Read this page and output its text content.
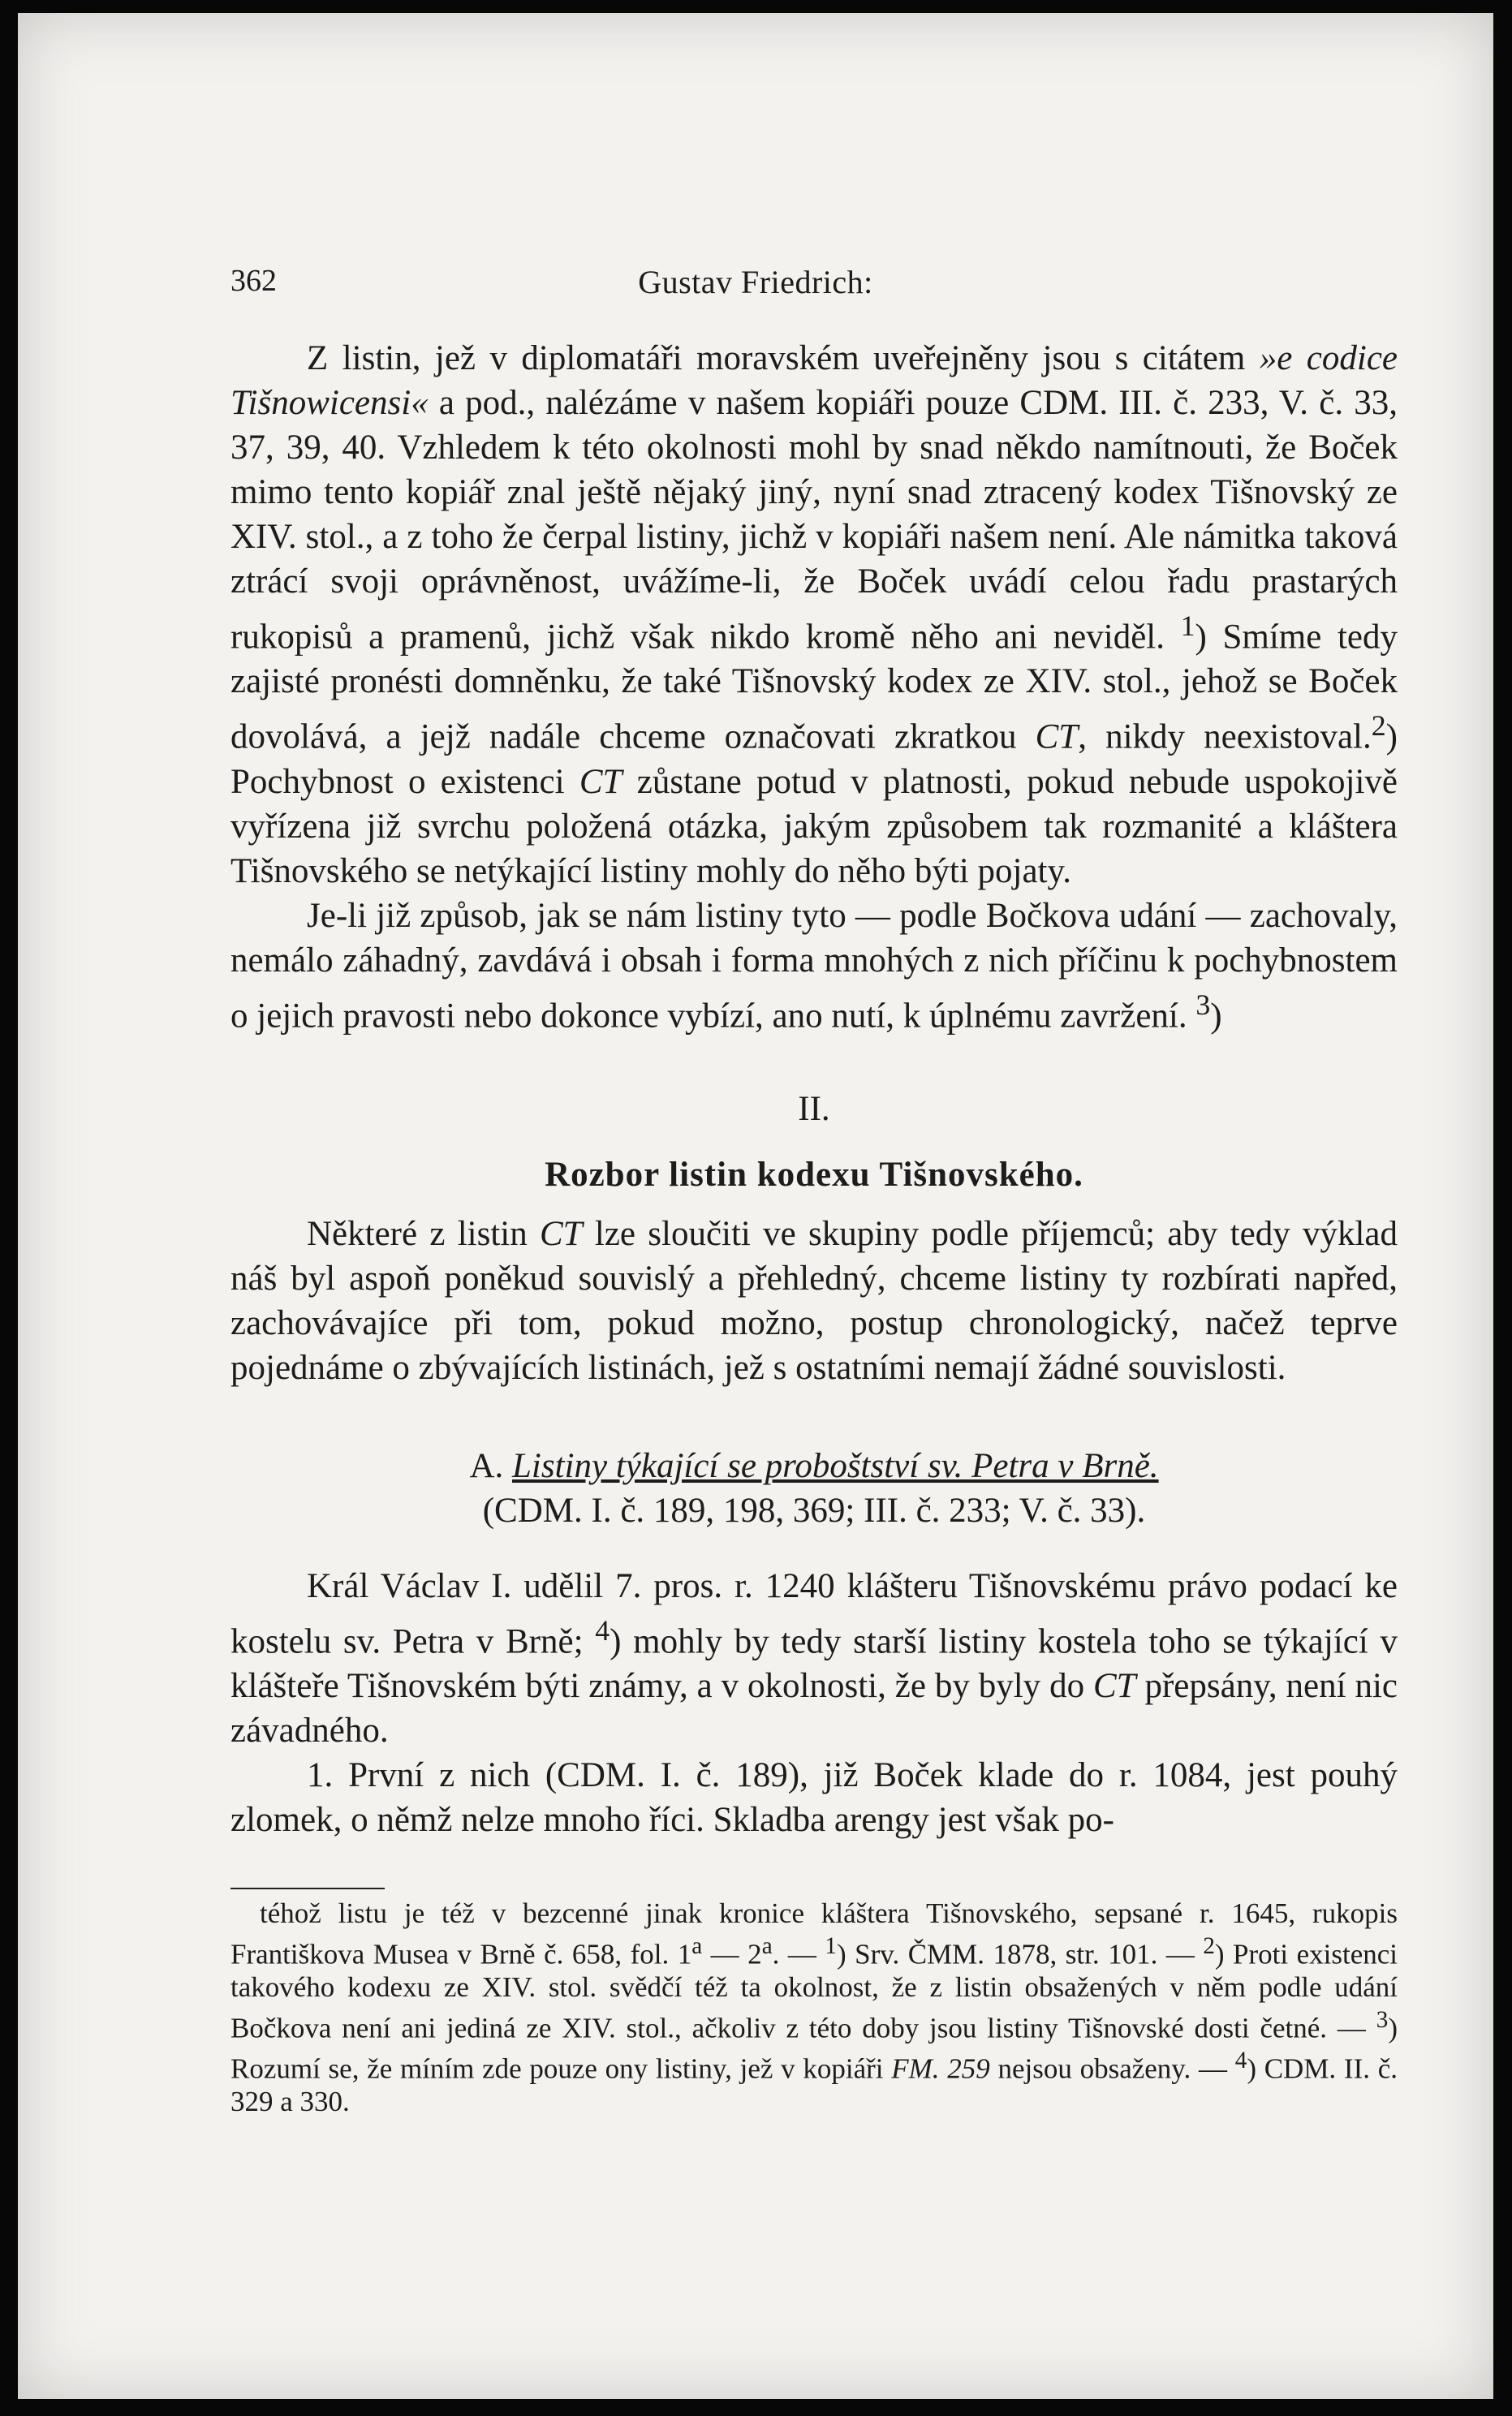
362	Gustav Friedrich:

Z listin, jež v diplomatáři moravském uveřejněny jsou s citátem »e codice Tišnowicensi« a pod., nalézáme v našem kopiáři pouze CDM. III. č. 233, V. č. 33, 37, 39, 40. Vzhledem k této okolnosti mohl by snad někdo namítnouti, že Boček mimo tento kopiář znal ještě nějaký jiný, nyní snad ztracený kodex Tišnovský ze XIV. stol., a z toho že čerpal listiny, jichž v kopiáři našem není. Ale námitka taková ztrácí svoji oprávněnost, uvážíme-li, že Boček uvádí celou řadu prastarých rukopisů a pramenů, jichž však nikdo kromě něho ani neviděl. $^1$) Smíme tedy zajisté pronésti domněnku, že také Tišnovský kodex ze XIV. stol., jehož se Boček dovolává, a jejž nadále chceme označovati zkratkou CT, nikdy neexistoval.$^2$) Pochybnost o existenci CT zůstane potud v platnosti, pokud nebude uspokojivě vyřízena již svrchu položená otázka, jakým způsobem tak rozmanité a kláštera Tišnovského se netýkající listiny mohly do něho býti pojaty.

Je-li již způsob, jak se nám listiny tyto — podle Bočkova udání — zachovaly, nemálo záhadný, zavdává i obsah i forma mnohých z nich příčinu k pochybnostem o jejich pravosti nebo dokonce vybízí, ano nutí, k úplnému zavržení. $^3$)

II.
Rozbor listin kodexu Tišnovského.

Některé z listin CT lze sloučiti ve skupiny podle příjemců; aby tedy výklad náš byl aspoň poněkud souvislý a přehledný, chceme listiny ty rozbírati napřed, zachovávajíce při tom, pokud možno, postup chronologický, načež teprve pojednáme o zbývajících listinách, jež s ostatními nemají žádné souvislosti.

A. Listiny týkající se proboštství sv. Petra v Brně.
(CDM. I. č. 189, 198, 369; III. č. 233; V. č. 33).

Král Václav I. udělil 7. pros. r. 1240 klášteru Tišnovskému právo podací ke kostelu sv. Petra v Brně; $^4$) mohly by tedy starší listiny kostela toho se týkající v klášteře Tišnovském býti známy, a v okolnosti, že by byly do CT přepsány, není nic závadného.

1. První z nich (CDM. I. č. 189), již Boček klade do r. 1084, jest pouhý zlomek, o němž nelze mnoho říci. Skladba arengy jest však po-

téhož listu je též v bezcenné jinak kronice kláštera Tišnovského, sepsané r. 1645, rukopis Františkova Musea v Brně č. 658, fol. 1$^a$ — 2$^a$. — $^1$) Srv. ČMM. 1878, str. 101. — $^2$) Proti existenci takového kodexu ze XIV. stol. svědčí též ta okolnost, že z listin obsažených v něm podle udání Bočkova není ani jediná ze XIV. stol., ačkoliv z této doby jsou listiny Tišnovské dosti četné. — $^3$) Rozumí se, že míním zde pouze ony listiny, jež v kopiáři FM. 259 nejsou obsaženy. — $^4$) CDM. II. č. 329 a 330.
